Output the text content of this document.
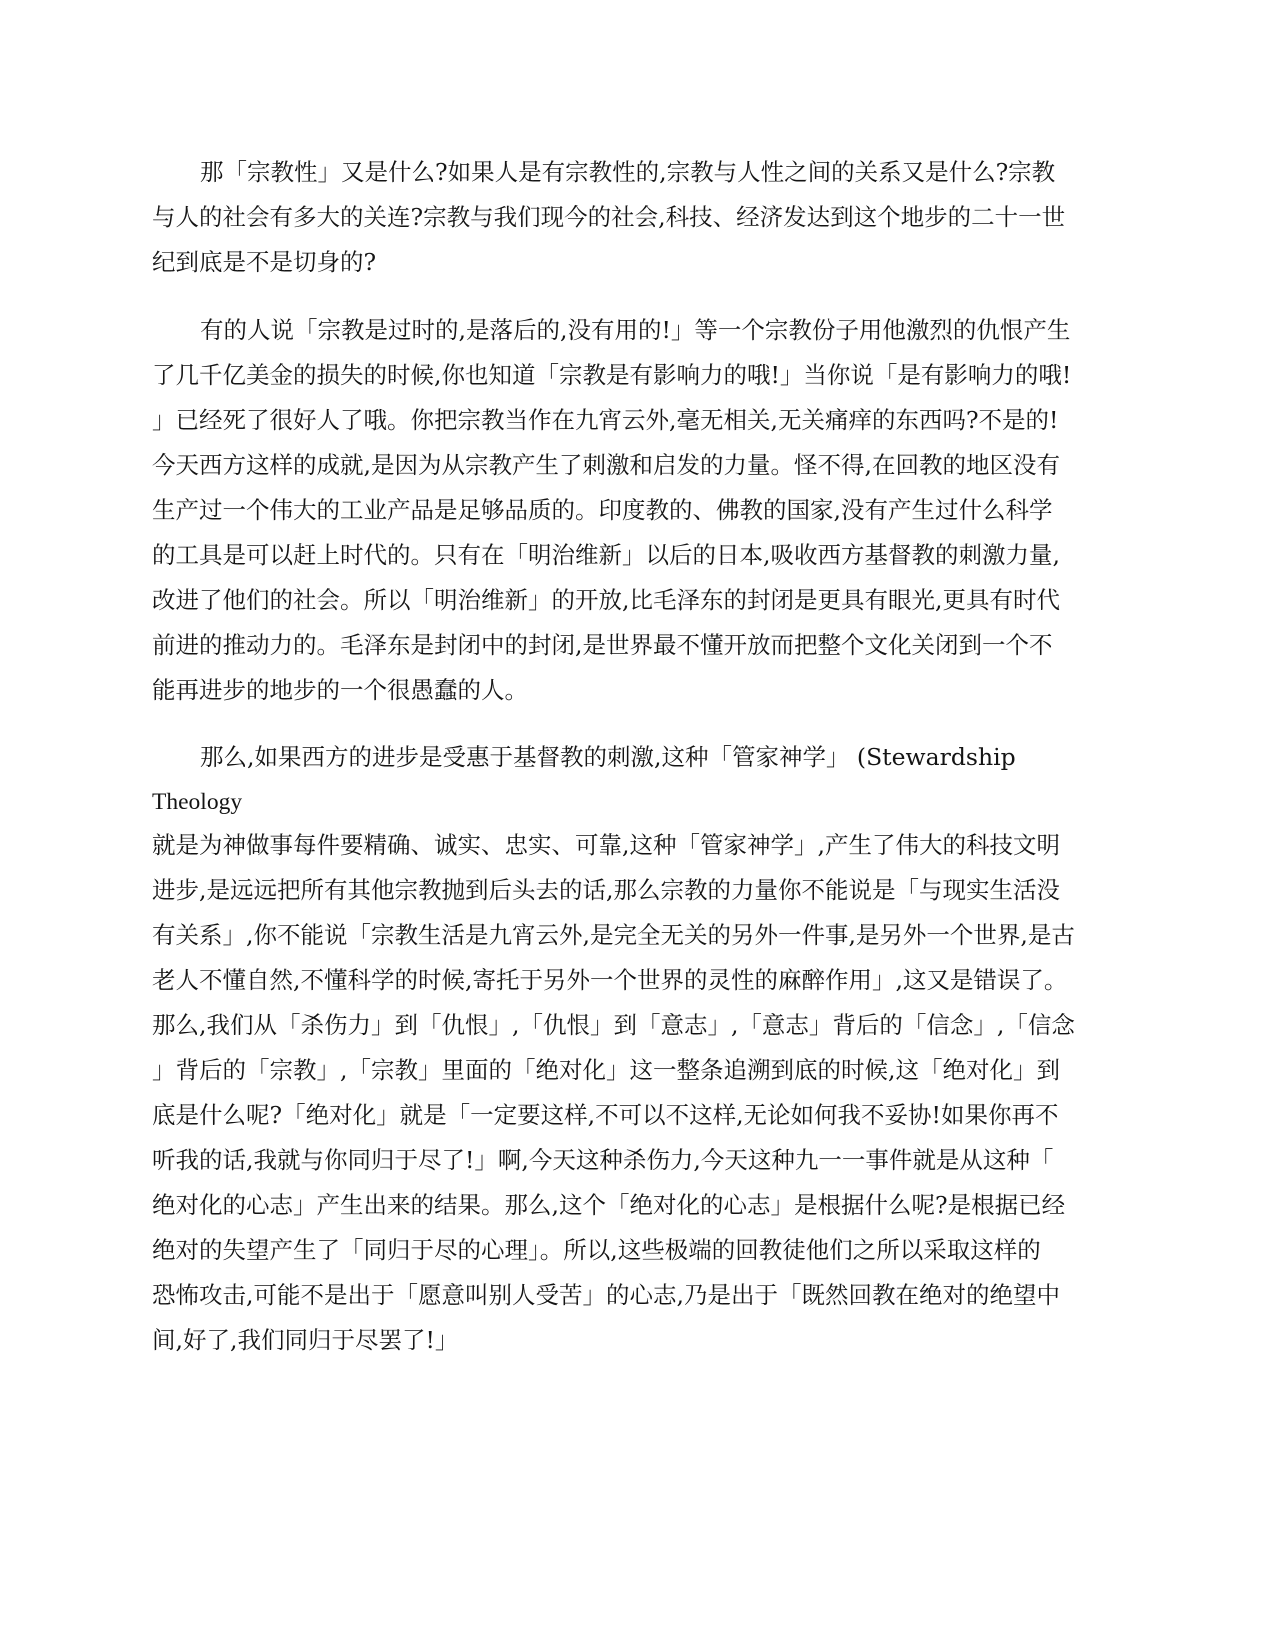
那「宗教性」又是什么?如果人是有宗教性的,宗教与人性之间的关系又是什么?宗教
与人的社会有多大的关连?宗教与我们现今的社会,科技、经济发达到这个地步的二十一世
纪到底是不是切身的?
有的人说「宗教是过时的,是落后的,没有用的!」等一个宗教份子用他激烈的仇恨产生
了几千亿美金的损失的时候,你也知道「宗教是有影响力的哦!」当你说「是有影响力的哦!
」已经死了很好人了哦。你把宗教当作在九宵云外,毫无相关,无关痛痒的东西吗?不是的!
今天西方这样的成就,是因为从宗教产生了刺激和启发的力量。怪不得,在回教的地区没有
生产过一个伟大的工业产品是足够品质的。印度教的、佛教的国家,没有产生过什么科学
的工具是可以赶上时代的。只有在「明治维新」以后的日本,吸收西方基督教的刺激力量,
改进了他们的社会。所以「明治维新」的开放,比毛泽东的封闭是更具有眼光,更具有时代
前进的推动力的。毛泽东是封闭中的封闭,是世界最不懂开放而把整个文化关闭到一个不
能再进步的地步的一个很愚蠢的人。
那么,如果西方的进步是受惠于基督教的刺激,这种「管家神学」 (Stewardship
Theology
就是为神做事每件要精确、诚实、忠实、可靠,这种「管家神学」,产生了伟大的科技文明
进步,是远远把所有其他宗教抛到后头去的话,那么宗教的力量你不能说是「与现实生活没
有关系」,你不能说「宗教生活是九宵云外,是完全无关的另外一件事,是另外一个世界,是古
老人不懂自然,不懂科学的时候,寄托于另外一个世界的灵性的麻醉作用」,这又是错误了。
那么,我们从「杀伤力」到「仇恨」,「仇恨」到「意志」,「意志」背后的「信念」,「信念
」背后的「宗教」,「宗教」里面的「绝对化」这一整条追溯到底的时候,这「绝对化」到
底是什么呢?「绝对化」就是「一定要这样,不可以不这样,无论如何我不妥协!如果你再不
听我的话,我就与你同归于尽了!」啊,今天这种杀伤力,今天这种九一一事件就是从这种「
绝对化的心志」产生出来的结果。那么,这个「绝对化的心志」是根据什么呢?是根据已经
绝对的失望产生了「同归于尽的心理」。所以,这些极端的回教徒他们之所以采取这样的
恐怖攻击,可能不是出于「愿意叫别人受苦」的心志,乃是出于「既然回教在绝对的绝望中
间,好了,我们同归于尽罢了!」
